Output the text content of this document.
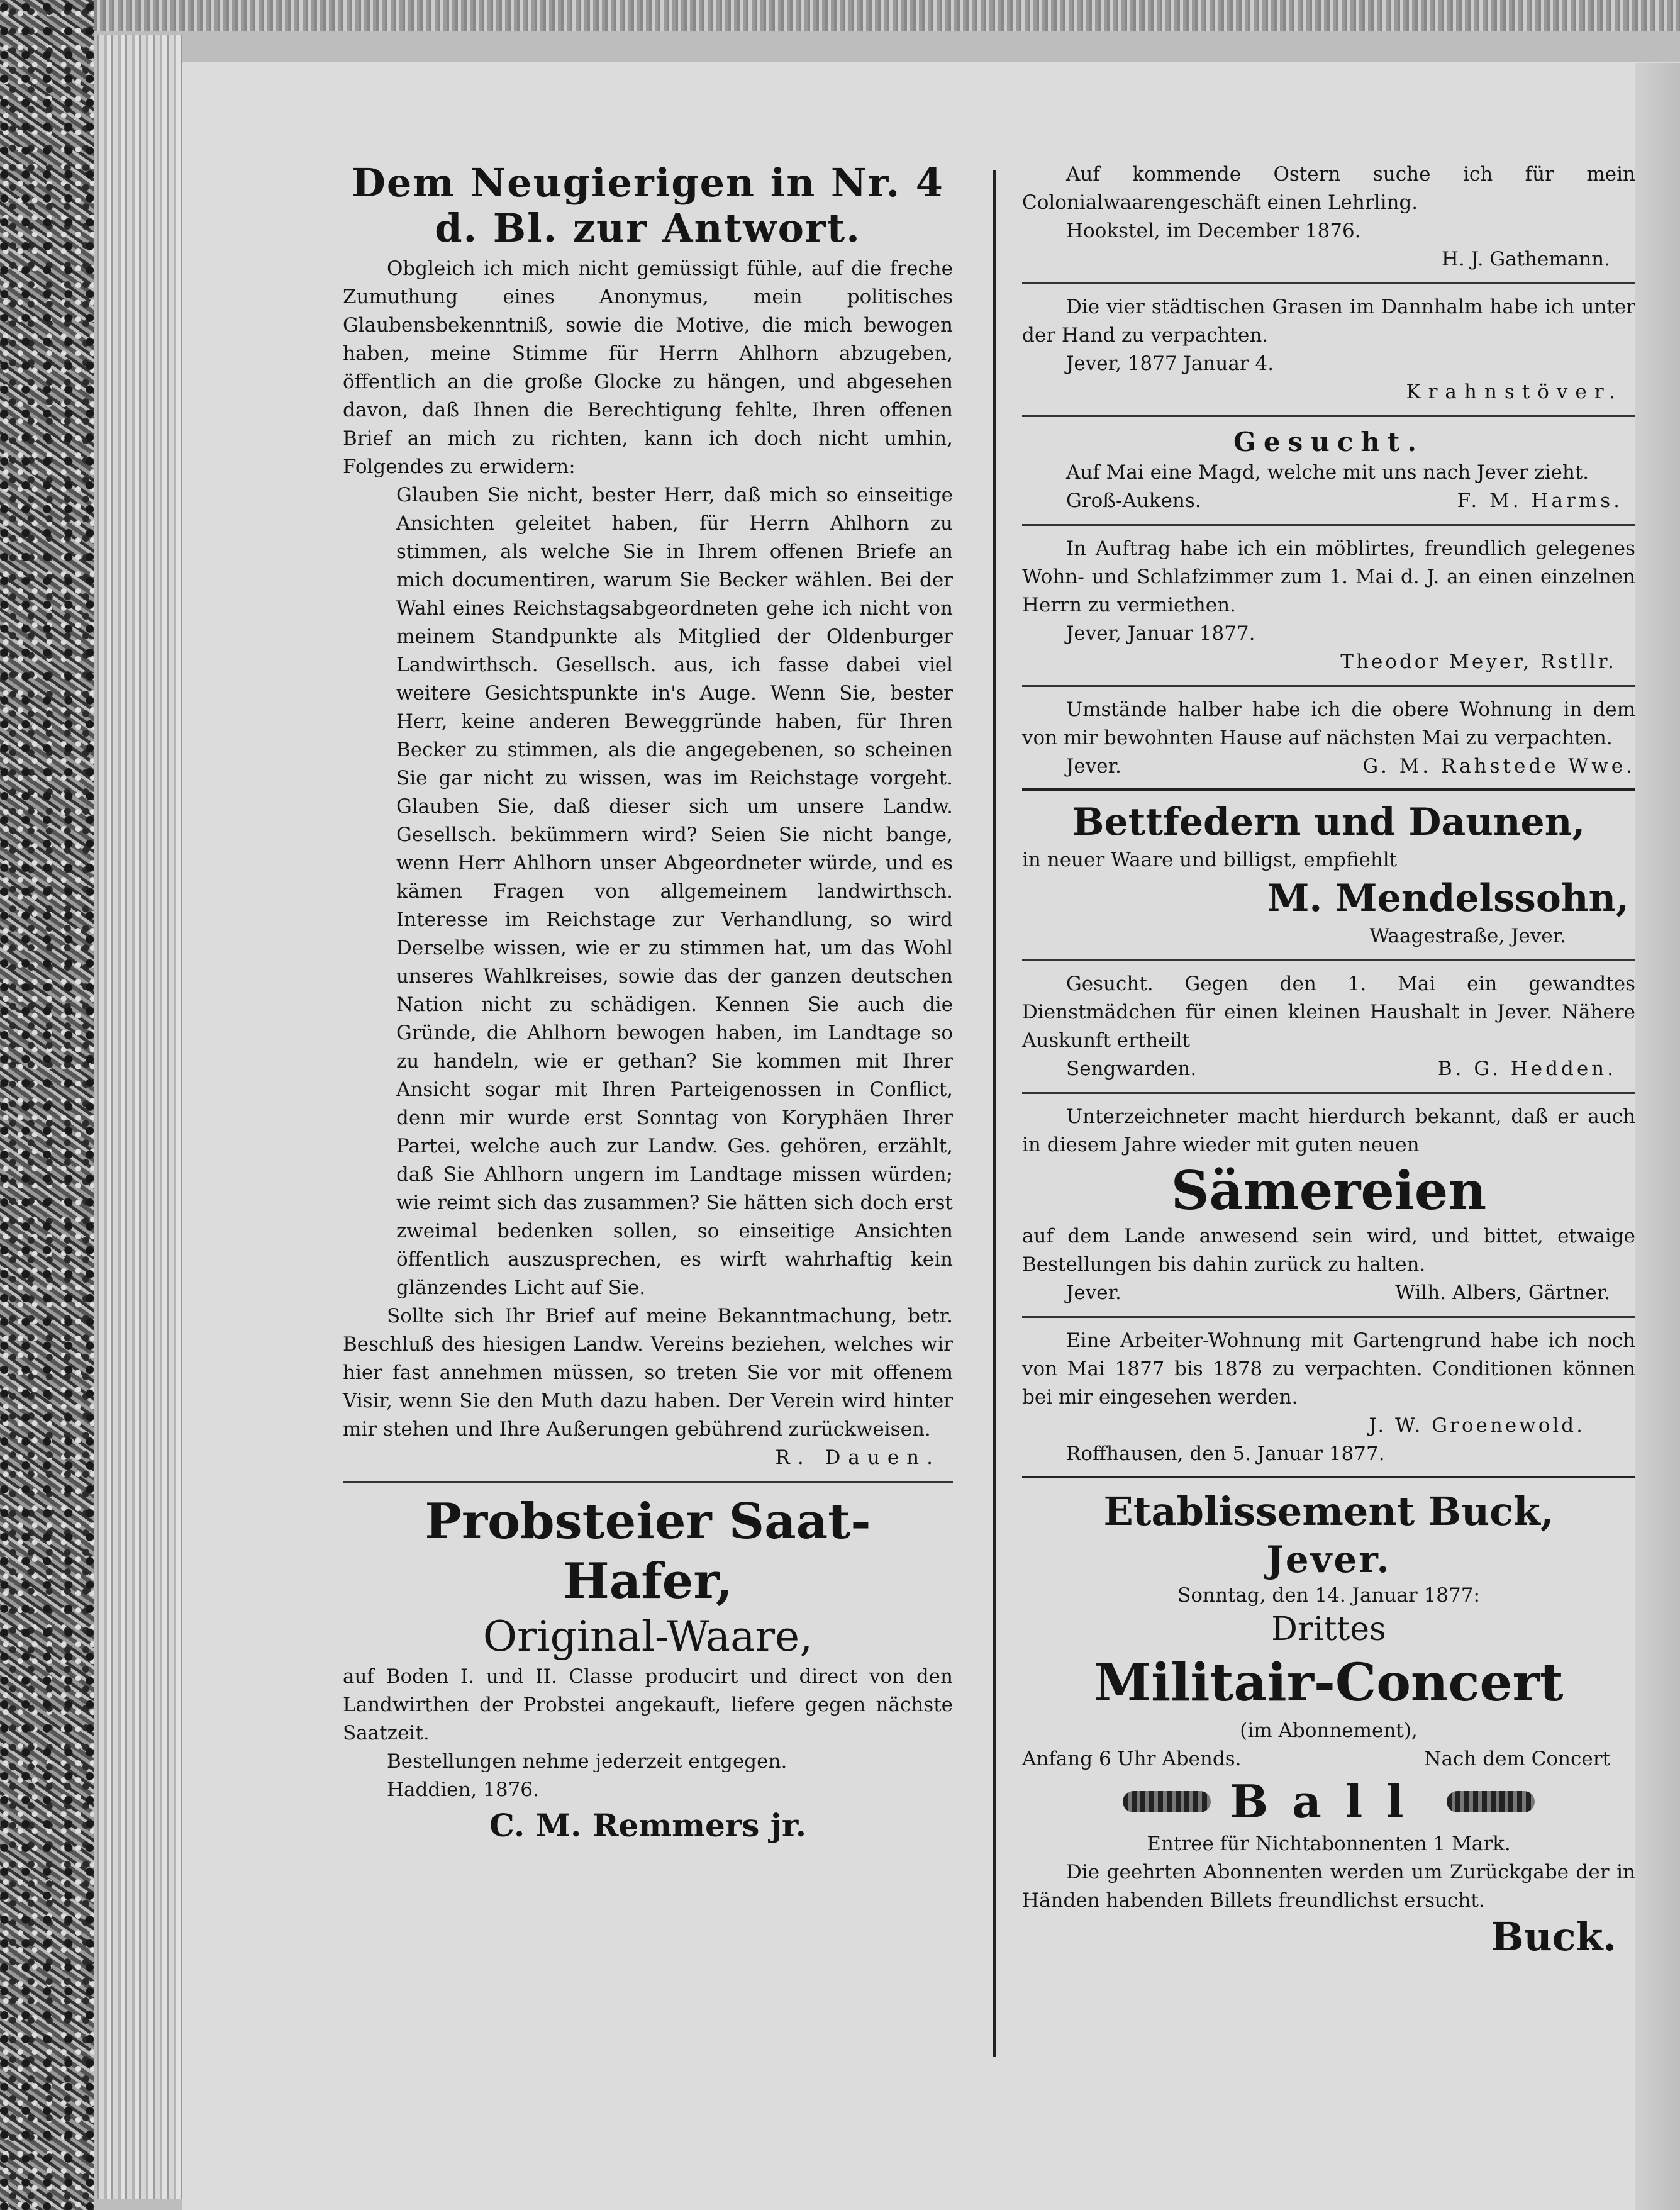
Dem Neugierigen in Nr. 4
d. Bl. zur Antwort.

Obgleich ich mich nicht gemüssigt fühle, auf die freche Zumuthung eines Anonymus, mein politisches Glaubensbekenntniß, sowie die Motive, die mich bewogen haben, meine Stimme für Herrn Ahlhorn abzugeben, öffentlich an die große Glocke zu hängen, und abgesehen davon, daß Ihnen die Berechtigung fehlte, Ihren offenen Brief an mich zu richten, kann ich doch nicht umhin, Folgendes zu erwidern:

Glauben Sie nicht, bester Herr, daß mich so einseitige Ansichten geleitet haben, für Herrn Ahlhorn zu stimmen, als welche Sie in Ihrem offenen Briefe an mich documentiren, warum Sie Becker wählen. Bei der Wahl eines Reichstagsabgeordneten gehe ich nicht von meinem Standpunkte als Mitglied der Oldenburger Landwirthsch. Gesellsch. aus, ich fasse dabei viel weitere Gesichtspunkte in's Auge. Wenn Sie, bester Herr, keine anderen Beweggründe haben, für Ihren Becker zu stimmen, als die angegebenen, so scheinen Sie gar nicht zu wissen, was im Reichstage vorgeht. Glauben Sie, daß dieser sich um unsere Landw. Gesellsch. bekümmern wird? Seien Sie nicht bange, wenn Herr Ahlhorn unser Abgeordneter würde, und es kämen Fragen von allgemeinem landwirthsch. Interesse im Reichstage zur Verhandlung, so wird Derselbe wissen, wie er zu stimmen hat, um das Wohl unseres Wahlkreises, sowie das der ganzen deutschen Nation nicht zu schädigen. Kennen Sie auch die Gründe, die Ahlhorn bewogen haben, im Landtage so zu handeln, wie er gethan? Sie kommen mit Ihrer Ansicht sogar mit Ihren Parteigenossen in Conflict, denn mir wurde erst Sonntag von Koryphäen Ihrer Partei, welche auch zur Landw. Ges. gehören, erzählt, daß Sie Ahlhorn ungern im Landtage missen würden; wie reimt sich das zusammen? Sie hätten sich doch erst zweimal bedenken sollen, so einseitige Ansichten öffentlich auszusprechen, es wirft wahrhaftig kein glänzendes Licht auf Sie.

Sollte sich Ihr Brief auf meine Bekanntmachung, betr. Beschluß des hiesigen Landw. Vereins beziehen, welches wir hier fast annehmen müssen, so treten Sie vor mit offenem Visir, wenn Sie den Muth dazu haben. Der Verein wird hinter mir stehen und Ihre Außerungen gebührend zurückweisen.

R. Dauen.

Probsteier Saat-

Hafer,

Original-Waare,

auf Boden I. und II. Classe producirt und direct von den Landwirthen der Probstei angekauft, liefere gegen nächste Saatzeit.

Bestellungen nehme jederzeit entgegen.

Haddien, 1876.

C. M. Remmers jr.

Auf kommende Ostern suche ich für mein Colonialwaarengeschäft einen Lehrling.

Hookstel, im December 1876.

H. J. Gathemann.

Die vier städtischen Grasen im Dannhalm habe ich unter der Hand zu verpachten.

Jever, 1877 Januar 4.

Krahnstöver.

Gesucht.

Auf Mai eine Magd, welche mit uns nach Jever zieht.

Groß-Aukens.	F. M. Harms.

In Auftrag habe ich ein möblirtes, freundlich gelegenes Wohn- und Schlafzimmer zum 1. Mai d. J. an einen einzelnen Herrn zu vermiethen.

Jever, Januar 1877.

Theodor Meyer, Rstllr.

Umstände halber habe ich die obere Wohnung in dem von mir bewohnten Hause auf nächsten Mai zu verpachten.

Jever.	G. M. Rahstede Wwe.

Bettfedern und Daunen,

in neuer Waare und billigst, empfiehlt

M. Mendelssohn,

Waagestraße, Jever.

Gesucht. Gegen den 1. Mai ein gewandtes Dienstmädchen für einen kleinen Haushalt in Jever. Nähere Auskunft ertheilt

Sengwarden.	B. G. Hedden.

Unterzeichneter macht hierdurch bekannt, daß er auch in diesem Jahre wieder mit guten neuen

Sämereien

auf dem Lande anwesend sein wird, und bittet, etwaige Bestellungen bis dahin zurück zu halten.

Jever.	Wilh. Albers, Gärtner.

Eine Arbeiter-Wohnung mit Gartengrund habe ich noch von Mai 1877 bis 1878 zu verpachten. Conditionen können bei mir eingesehen werden.

J. W. Groenewold.

Roffhausen, den 5. Januar 1877.

Etablissement Buck,

Jever.

Sonntag, den 14. Januar 1877:

Drittes

Militair-Concert

(im Abonnement),

Anfang 6 Uhr Abends.	Nach dem Concert
Ball

Entree für Nichtabonnenten 1 Mark.

Die geehrten Abonnenten werden um Zurückgabe der in Händen habenden Billets freundlichst ersucht.

Buck.
